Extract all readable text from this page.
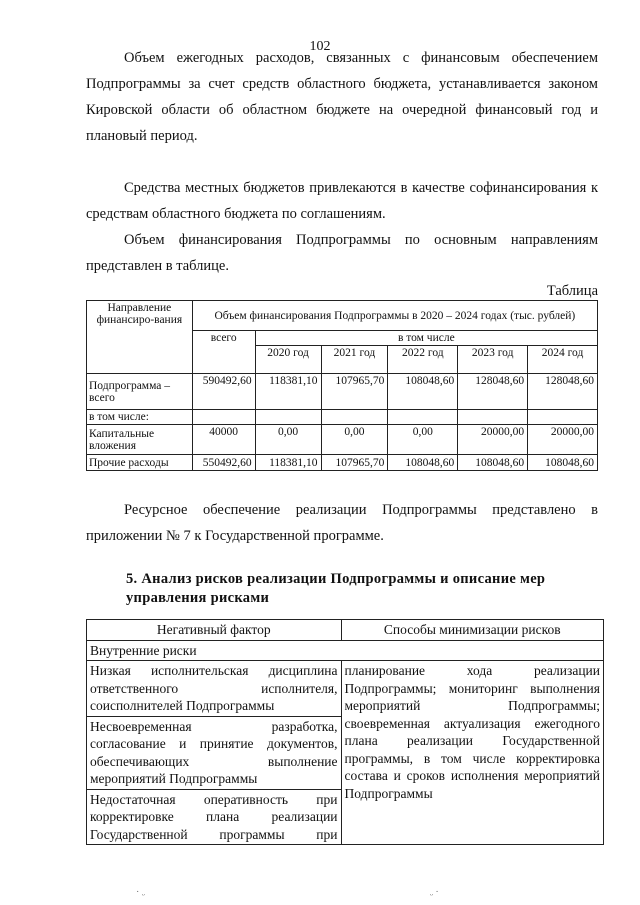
102
Объем ежегодных расходов, связанных с финансовым обеспечением Подпрограммы за счет средств областного бюджета, устанавливается законом Кировской области об областном бюджете на очередной финансовый год и плановый период.
Средства местных бюджетов привлекаются в качестве софинансирования к средствам областного бюджета по соглашениям.
Объем финансирования Подпрограммы по основным направлениям представлен в таблице.
Таблица
Направление финансиро-вания	Объем финансирования Подпрограммы в 2020 – 2024 годах (тыс. рублей)					
	всего	в том числе				
		2020 год	2021 год	2022 год	2023 год	2024 год
Подпрограмма – всего	590492,60	118381,10	107965,70	108048,60	128048,60	128048,60
в том числе:						
Капитальные вложения	40000	0,00	0,00	0,00	20000,00	20000,00
Прочие расходы	550492,60	118381,10	107965,70	108048,60	108048,60	108048,60
Ресурсное обеспечение реализации Подпрограммы представлено в приложении № 7 к Государственной программе.
5. Анализ рисков реализации Подпрограммы и описание мер управления рисками
Негативный фактор	Способы минимизации рисков
Внутренние риски	
Низкая исполнительская дисциплина ответственного исполнителя, соисполнителей Подпрограммы	планирование хода реализации Подпрограммы; мониторинг выполнения мероприятий Подпрограммы; своевременная актуализация ежегодного плана реализации Государственной программы, в том числе корректировка состава и сроков исполнения мероприятий Подпрограммы
Несвоевременная разработка, согласование и принятие документов, обеспечивающих выполнение мероприятий Подпрограммы	
Недостаточная оперативность при корректировке плана реализации Государственной программы при	
˙ ᵕ	ᵕ ˙
